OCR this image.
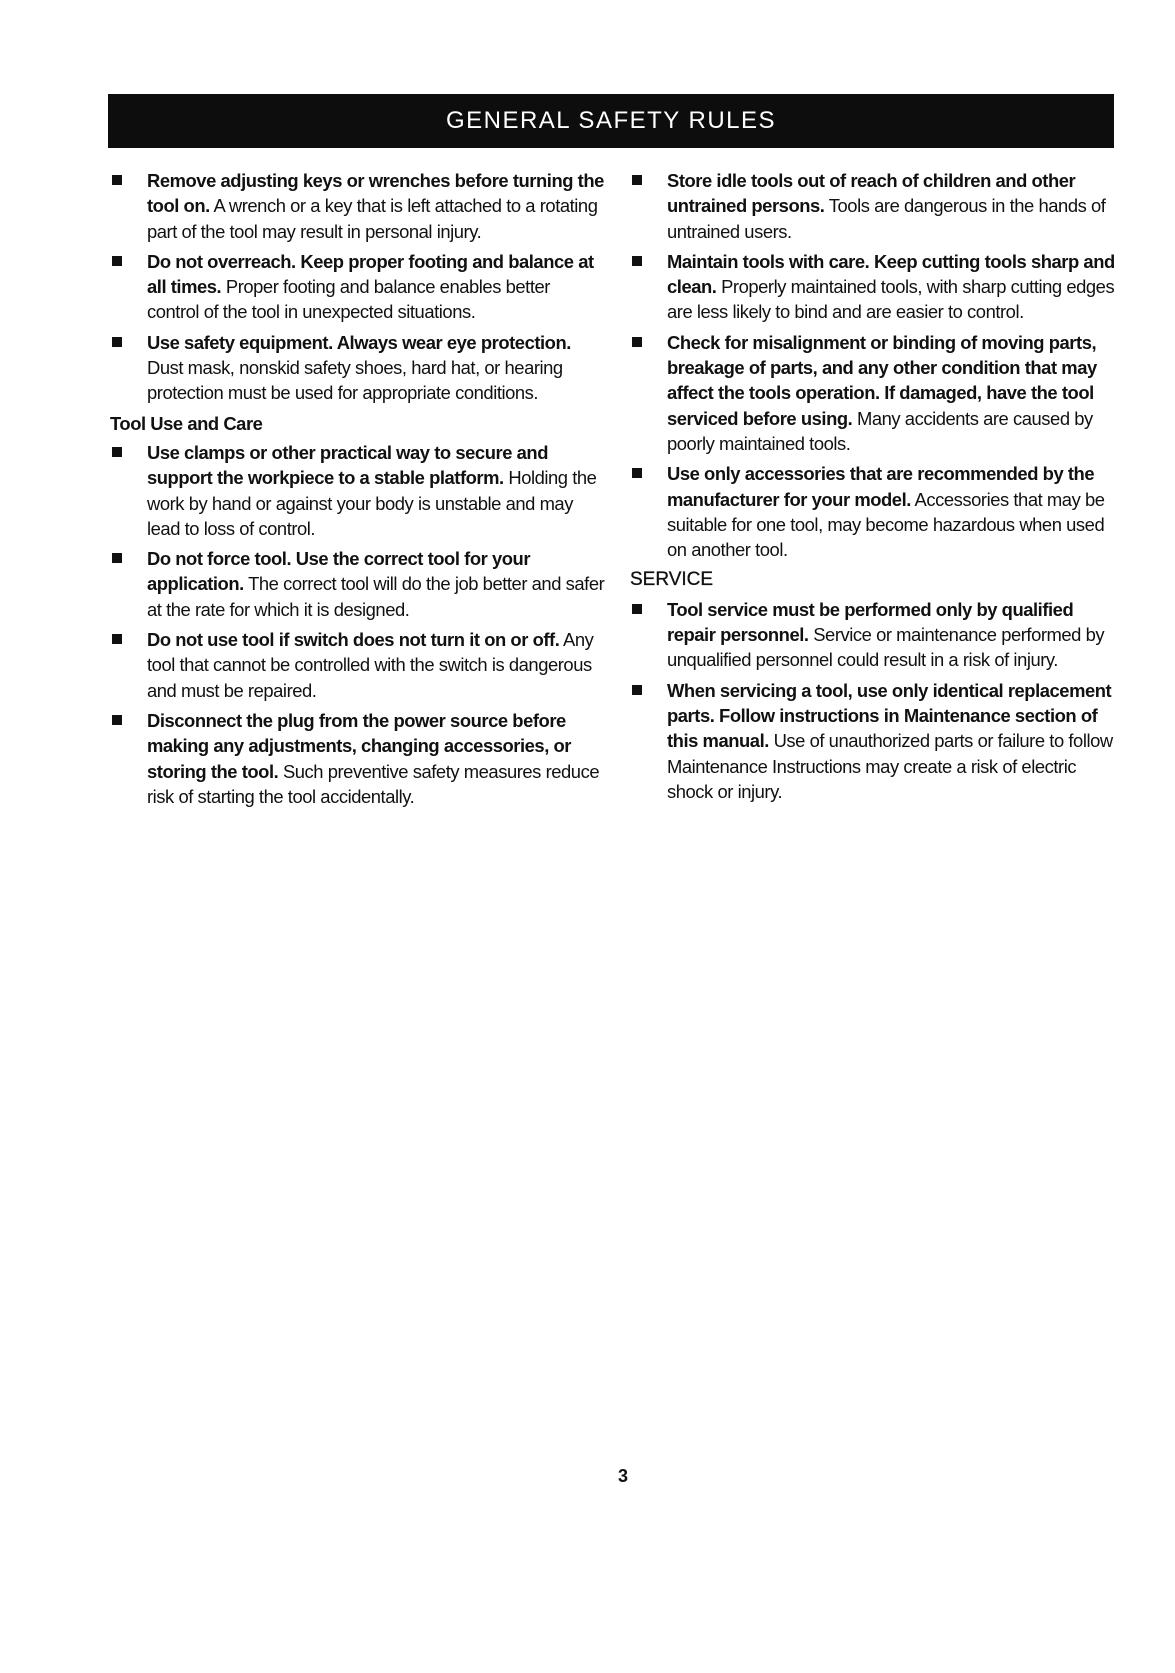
GENERAL SAFETY RULES
Remove adjusting keys or wrenches before turning the tool on. A wrench or a key that is left attached to a rotating part of the tool may result in personal injury.
Do not overreach. Keep proper footing and balance at all times. Proper footing and balance enables better control of the tool in unexpected situations.
Use safety equipment. Always wear eye protection. Dust mask, nonskid safety shoes, hard hat, or hearing protection must be used for appropriate conditions.
Tool Use and Care
Use clamps or other practical way to secure and support the workpiece to a stable platform. Holding the work by hand or against your body is unstable and may lead to loss of control.
Do not force tool. Use the correct tool for your application. The correct tool will do the job better and safer at the rate for which it is designed.
Do not use tool if switch does not turn it on or off. Any tool that cannot be controlled with the switch is dangerous and must be repaired.
Disconnect the plug from the power source before making any adjustments, changing accessories, or storing the tool. Such preventive safety measures reduce risk of starting the tool accidentally.
Store idle tools out of reach of children and other untrained persons. Tools are dangerous in the hands of untrained users.
Maintain tools with care. Keep cutting tools sharp and clean. Properly maintained tools, with sharp cutting edges are less likely to bind and are easier to control.
Check for misalignment or binding of moving parts, breakage of parts, and any other condition that may affect the tools operation. If damaged, have the tool serviced before using. Many accidents are caused by poorly maintained tools.
Use only accessories that are recommended by the manufacturer for your model. Accessories that may be suitable for one tool, may become hazardous when used on another tool.
SERVICE
Tool service must be performed only by qualified repair personnel. Service or maintenance performed by unqualified personnel could result in a risk of injury.
When servicing a tool, use only identical replacement parts. Follow instructions in Maintenance section of this manual. Use of unauthorized parts or failure to follow Maintenance Instructions may create a risk of electric shock or injury.
3
